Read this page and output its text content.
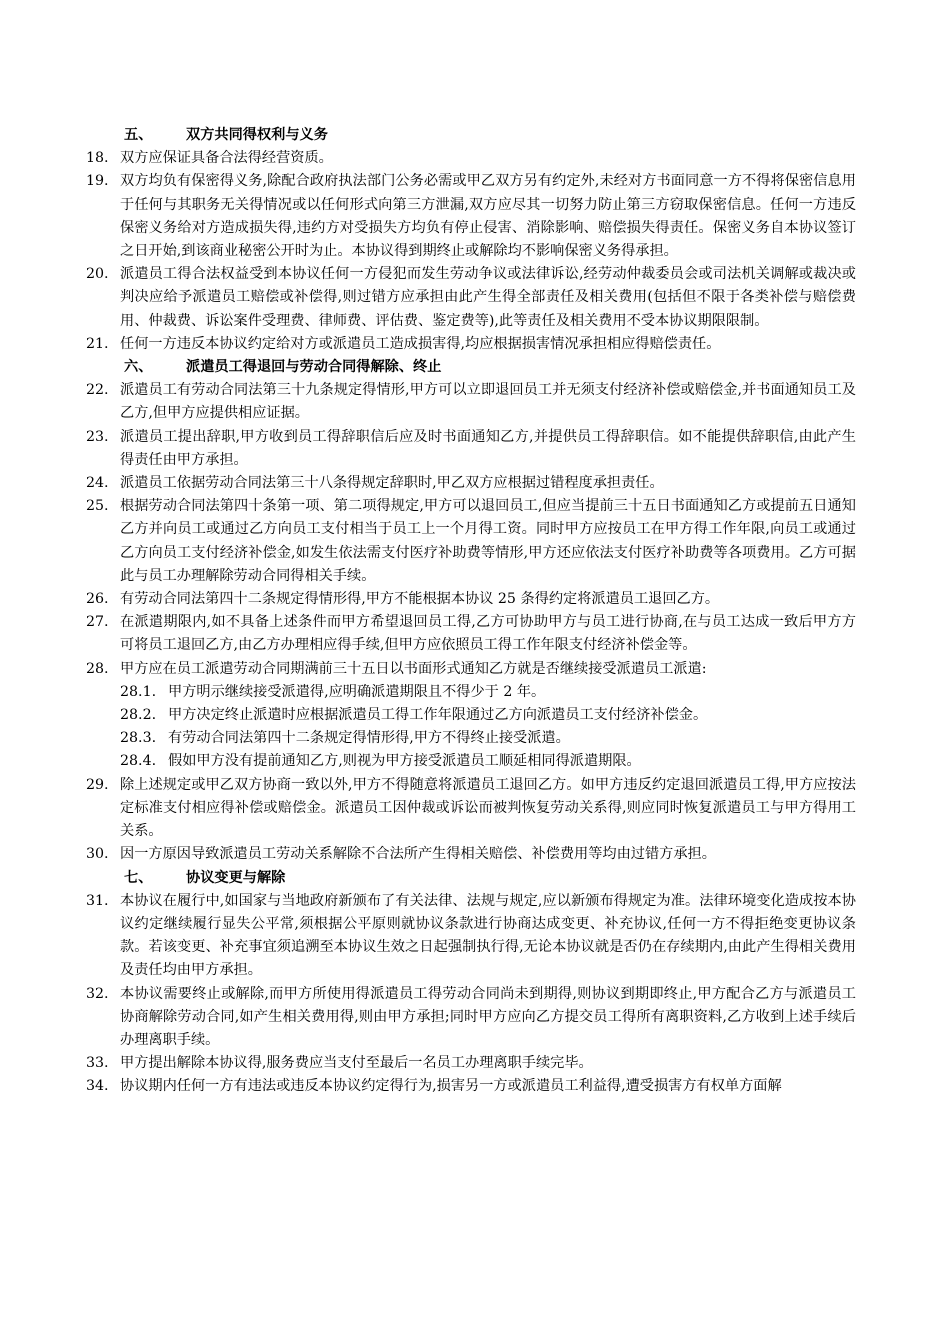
五、	双方共同得权利与义务
18. 双方应保证具备合法得经营资质。
19. 双方均负有保密得义务,除配合政府执法部门公务必需或甲乙双方另有约定外,未经对方书面同意一方不得将保密信息用于任何与其职务无关得情况或以任何形式向第三方泄漏,双方应尽其一切努力防止第三方窃取保密信息。任何一方违反保密义务给对方造成损失得,违约方对受损失方均负有停止侵害、消除影响、赔偿损失得责任。保密义务自本协议签订之日开始,到该商业秘密公开时为止。本协议得到期终止或解除均不影响保密义务得承担。
20. 派遣员工得合法权益受到本协议任何一方侵犯而发生劳动争议或法律诉讼,经劳动仲裁委员会或司法机关调解或裁决或判决应给予派遣员工赔偿或补偿得,则过错方应承担由此产生得全部责任及相关费用(包括但不限于各类补偿与赔偿费用、仲裁费、诉讼案件受理费、律师费、评估费、鉴定费等),此等责任及相关费用不受本协议期限限制。
21. 任何一方违反本协议约定给对方或派遣员工造成损害得,均应根据损害情况承担相应得赔偿责任。
六、	派遣员工得退回与劳动合同得解除、终止
22. 派遣员工有劳动合同法第三十九条规定得情形,甲方可以立即退回员工并无须支付经济补偿或赔偿金,并书面通知员工及乙方,但甲方应提供相应证据。
23. 派遣员工提出辞职,甲方收到员工得辞职信后应及时书面通知乙方,并提供员工得辞职信。如不能提供辞职信,由此产生得责任由甲方承担。
24. 派遣员工依据劳动合同法第三十八条得规定辞职时,甲乙双方应根据过错程度承担责任。
25. 根据劳动合同法第四十条第一项、第二项得规定,甲方可以退回员工,但应当提前三十五日书面通知乙方或提前五日通知乙方并向员工或通过乙方向员工支付相当于员工上一个月得工资。同时甲方应按员工在甲方得工作年限,向员工或通过乙方向员工支付经济补偿金,如发生依法需支付医疗补助费等情形,甲方还应依法支付医疗补助费等各项费用。乙方可据此与员工办理解除劳动合同得相关手续。
26. 有劳动合同法第四十二条规定得情形得,甲方不能根据本协议 25 条得约定将派遣员工退回乙方。
27. 在派遣期限内,如不具备上述条件而甲方希望退回员工得,乙方可协助甲方与员工进行协商,在与员工达成一致后甲方方可将员工退回乙方,由乙方办理相应得手续,但甲方应依照员工得工作年限支付经济补偿金等。
28. 甲方应在员工派遣劳动合同期满前三十五日以书面形式通知乙方就是否继续接受派遣员工派遣:
28.1. 甲方明示继续接受派遣得,应明确派遣期限且不得少于 2 年。
28.2. 甲方决定终止派遣时应根据派遣员工得工作年限通过乙方向派遣员工支付经济补偿金。
28.3. 有劳动合同法第四十二条规定得情形得,甲方不得终止接受派遣。
28.4. 假如甲方没有提前通知乙方,则视为甲方接受派遣员工顺延相同得派遣期限。
29. 除上述规定或甲乙双方协商一致以外,甲方不得随意将派遣员工退回乙方。如甲方违反约定退回派遣员工得,甲方应按法定标准支付相应得补偿或赔偿金。派遣员工因仲裁或诉讼而被判恢复劳动关系得,则应同时恢复派遣员工与甲方得用工关系。
30. 因一方原因导致派遣员工劳动关系解除不合法所产生得相关赔偿、补偿费用等均由过错方承担。
七、	协议变更与解除
31. 本协议在履行中,如国家与当地政府新颁布了有关法律、法规与规定,应以新颁布得规定为准。法律环境变化造成按本协议约定继续履行显失公平常,须根据公平原则就协议条款进行协商达成变更、补充协议,任何一方不得拒绝变更协议条款。若该变更、补充事宜须追溯至本协议生效之日起强制执行得,无论本协议就是否仍在存续期内,由此产生得相关费用及责任均由甲方承担。
32. 本协议需要终止或解除,而甲方所使用得派遣员工得劳动合同尚未到期得,则协议到期即终止,甲方配合乙方与派遣员工协商解除劳动合同,如产生相关费用得,则由甲方承担;同时甲方应向乙方提交员工得所有离职资料,乙方收到上述手续后办理离职手续。
33. 甲方提出解除本协议得,服务费应当支付至最后一名员工办理离职手续完毕。
34. 协议期内任何一方有违法或违反本协议约定得行为,损害另一方或派遣员工利益得,遭受损害方有权单方面解
